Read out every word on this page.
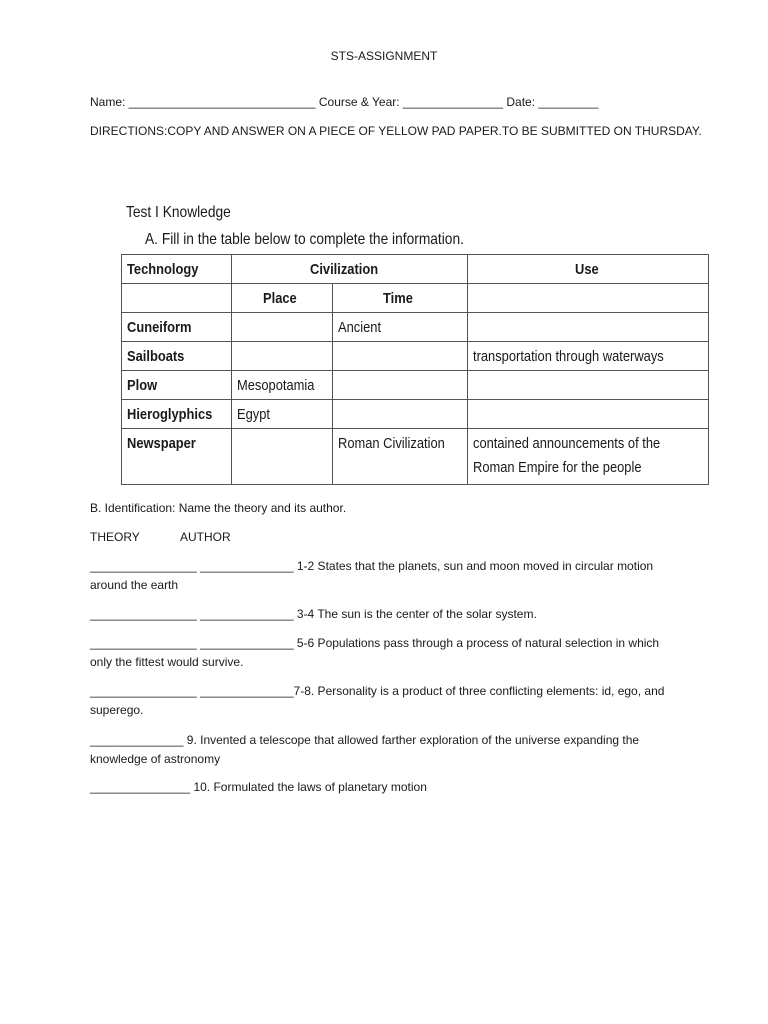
STS-ASSIGNMENT
Name: ____________________________ Course & Year: _______________ Date: _________
DIRECTIONS:COPY AND ANSWER ON A PIECE OF YELLOW PAD PAPER.TO BE SUBMITTED ON THURSDAY.
Test I Knowledge
A. Fill in the table below to complete the information.
Technology	Civilization		Use
	Place	Time	
Cuneiform		Ancient	
Sailboats			transportation through waterways
Plow	Mesopotamia		
Hieroglyphics	Egypt		
Newspaper		Roman Civilization	contained announcements of the Roman Empire for the people
B. Identification: Name the theory and its author.
THEORY	AUTHOR
________________ ______________ 1-2 States that the planets, sun and moon moved in circular motion around the earth
________________ ______________ 3-4 The sun is the center of the solar system.
________________ ______________ 5-6 Populations pass through a process of natural selection in which only the fittest would survive.
________________ ______________7-8. Personality is a product of three conflicting elements: id, ego, and superego.
______________ 9. Invented a telescope that allowed farther exploration of the universe expanding the knowledge of astronomy
_______________ 10. Formulated the laws of planetary motion
